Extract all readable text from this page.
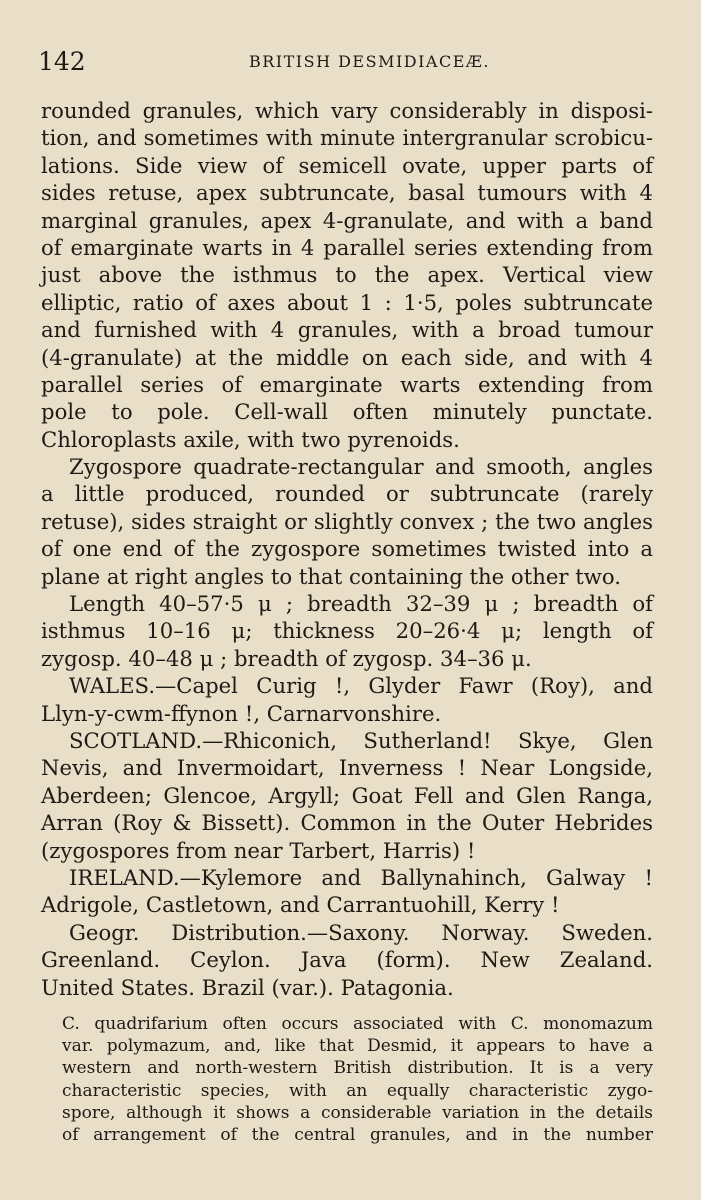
142	BRITISH DESMIDIACEÆ.
rounded granules, which vary considerably in disposi-
tion, and sometimes with minute intergranular scrobicu-
lations. Side view of semicell ovate, upper parts of
sides retuse, apex subtruncate, basal tumours with 4
marginal granules, apex 4-granulate, and with a band
of emarginate warts in 4 parallel series extending from
just above the isthmus to the apex. Vertical view
elliptic, ratio of axes about 1 : 1·5, poles subtruncate
and furnished with 4 granules, with a broad tumour
(4-granulate) at the middle on each side, and with 4
parallel series of emarginate warts extending from
pole to pole. Cell-wall often minutely punctate.
Chloroplasts axile, with two pyrenoids.
Zygospore quadrate-rectangular and smooth, angles
a little produced, rounded or subtruncate (rarely
retuse), sides straight or slightly convex ; the two angles
of one end of the zygospore sometimes twisted into a
plane at right angles to that containing the other two.
Length 40–57·5 μ ; breadth 32–39 μ ; breadth of
isthmus 10–16 μ; thickness 20–26·4 μ; length of
zygosp. 40–48 μ ; breadth of zygosp. 34–36 μ.
WALES.—Capel Curig !, Glyder Fawr (Roy), and
Llyn-y-cwm-ffynon !, Carnarvonshire.
SCOTLAND.—Rhiconich, Sutherland! Skye, Glen
Nevis, and Invermoidart, Inverness ! Near Longside,
Aberdeen; Glencoe, Argyll; Goat Fell and Glen Ranga,
Arran (Roy & Bissett). Common in the Outer Hebrides
(zygospores from near Tarbert, Harris) !
IRELAND.—Kylemore and Ballynahinch, Galway !
Adrigole, Castletown, and Carrantuohill, Kerry !
Geogr. Distribution.—Saxony. Norway. Sweden.
Greenland. Ceylon. Java (form). New Zealand.
United States. Brazil (var.). Patagonia.
C. quadrifarium often occurs associated with C. monomazum
var. polymazum, and, like that Desmid, it appears to have a
western and north-western British distribution. It is a very
characteristic species, with an equally characteristic zygo-
spore, although it shows a considerable variation in the details
of arrangement of the central granules, and in the number
